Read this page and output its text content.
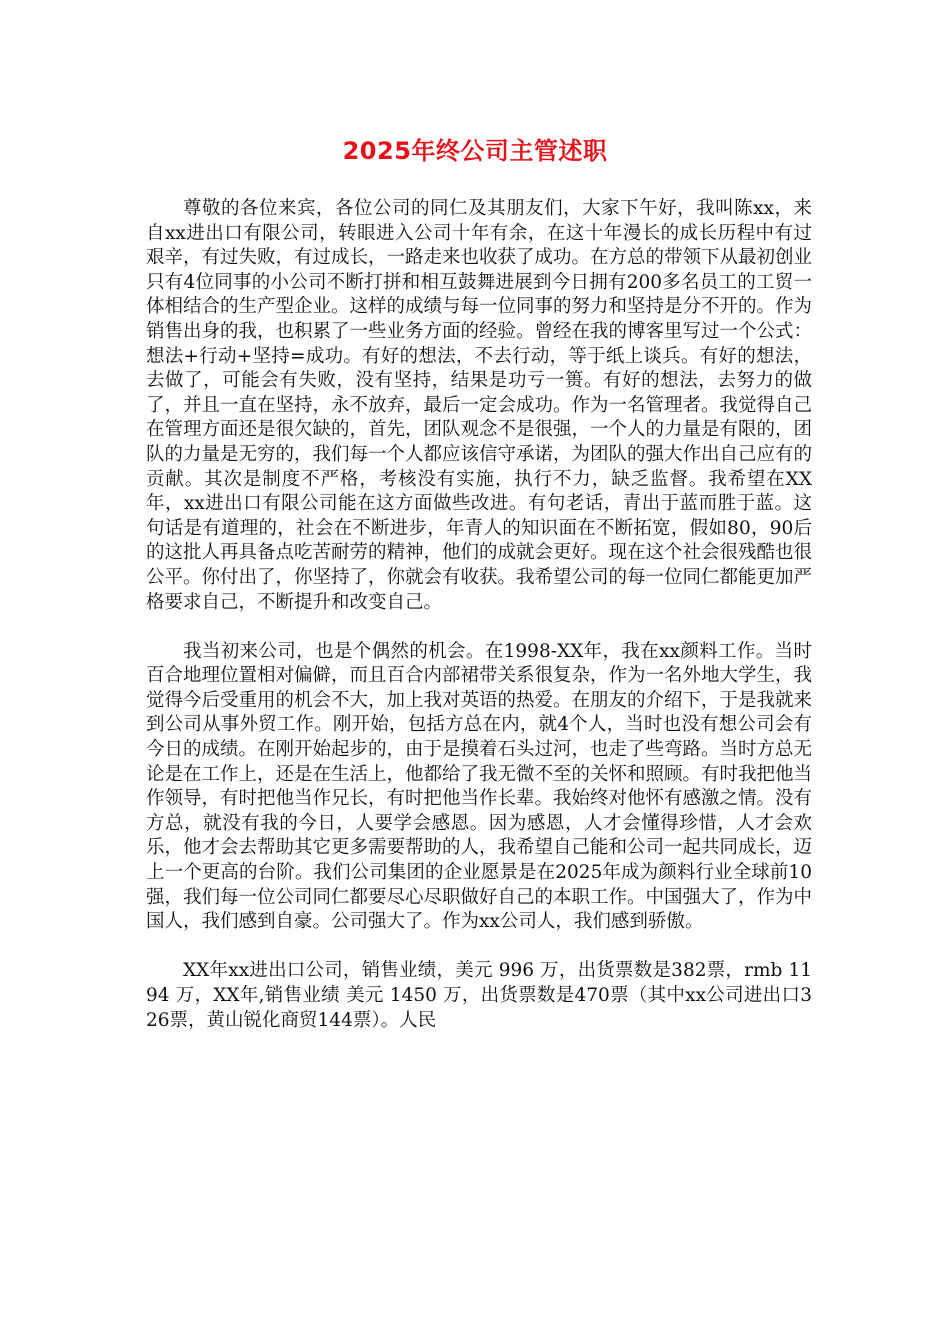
2025年终公司主管述职

尊敬的各位来宾，各位公司的同仁及其朋友们，大家下午好，我叫陈xx，来自xx进出口有限公司，转眼进入公司十年有余，在这十年漫长的成长历程中有过艰辛，有过失败，有过成长，一路走来也收获了成功。在方总的带领下从最初创业只有4位同事的小公司不断打拼和相互鼓舞进展到今日拥有200多名员工的工贸一体相结合的生产型企业。这样的成绩与每一位同事的努力和坚持是分不开的。作为销售出身的我，也积累了一些业务方面的经验。曾经在我的博客里写过一个公式：想法+行动+坚持=成功。有好的想法，不去行动，等于纸上谈兵。有好的想法，去做了，可能会有失败，没有坚持，结果是功亏一篑。有好的想法，去努力的做了，并且一直在坚持，永不放弃，最后一定会成功。作为一名管理者。我觉得自己在管理方面还是很欠缺的，首先，团队观念不是很强，一个人的力量是有限的，团队的力量是无穷的，我们每一个人都应该信守承诺，为团队的强大作出自己应有的贡献。其次是制度不严格，考核没有实施，执行不力，缺乏监督。我希望在XX年，xx进出口有限公司能在这方面做些改进。有句老话，青出于蓝而胜于蓝。这句话是有道理的，社会在不断进步，年青人的知识面在不断拓宽，假如80，90后的这批人再具备点吃苦耐劳的精神，他们的成就会更好。现在这个社会很残酷也很公平。你付出了，你坚持了，你就会有收获。我希望公司的每一位同仁都能更加严格要求自己，不断提升和改变自己。

我当初来公司，也是个偶然的机会。在1998-XX年，我在xx颜料工作。当时百合地理位置相对偏僻，而且百合内部裙带关系很复杂，作为一名外地大学生，我觉得今后受重用的机会不大，加上我对英语的热爱。在朋友的介绍下，于是我就来到公司从事外贸工作。刚开始，包括方总在内，就4个人，当时也没有想公司会有今日的成绩。在刚开始起步的，由于是摸着石头过河，也走了些弯路。当时方总无论是在工作上，还是在生活上，他都给了我无微不至的关怀和照顾。有时我把他当作领导，有时把他当作兄长，有时把他当作长辈。我始终对他怀有感激之情。没有方总，就没有我的今日，人要学会感恩。因为感恩，人才会懂得珍惜，人才会欢乐，他才会去帮助其它更多需要帮助的人，我希望自己能和公司一起共同成长，迈上一个更高的台阶。我们公司集团的企业愿景是在2025年成为颜料行业全球前10强，我们每一位公司同仁都要尽心尽职做好自己的本职工作。中国强大了，作为中国人，我们感到自豪。公司强大了。作为xx公司人，我们感到骄傲。

XX年xx进出口公司，销售业绩，美元 996 万，出货票数是382票，rmb 1194 万，XX年,销售业绩 美元 1450 万，出货票数是470票（其中xx公司进出口326票，黄山锐化商贸144票）。人民
